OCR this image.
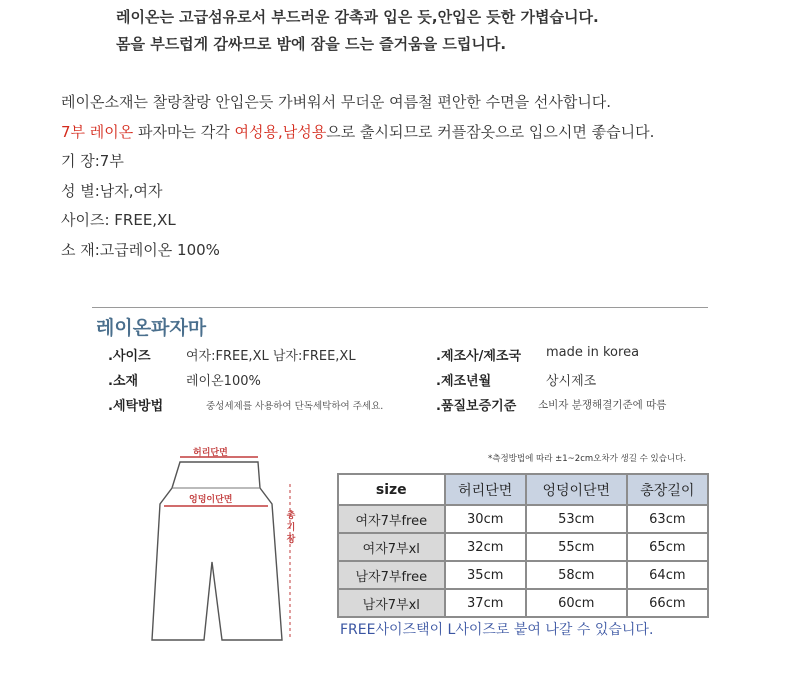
레이온는 고급섬유로서 부드러운 감촉과 입은 듯,안입은 듯한 가볍습니다.
몸을 부드럽게 감싸므로 밤에 잠을 드는 즐거움을 드립니다.
레이온소재는 찰랑찰랑 안입은듯 가벼워서 무더운 여름철 편안한 수면을 선사합니다.
7부 레이온 파자마는 각각 여성용,남성용으로 출시되므로 커플잠옷으로 입으시면 좋습니다.
기 장:7부
성 별:남자,여자
사이즈: FREE,XL
소 재:고급레이온 100%
레이온파자마
.사이즈	여자:FREE,XL 남자:FREE,XL
.소재	레이온100%
.세탁방법	중성세제를 사용하여 단독세탁하여 주세요.
.제조사/제조국 made in korea
.제조년월	상시제조
.품질보증기준 소비자 분쟁해결기준에 따름
허리단면
엉덩이단면
총기장
*측정방법에 따라 ±1~2cm오차가 생길 수 있습니다.
size	허리단면	엉덩이단면	총장길이
여자7부free	30cm	53cm	63cm
여자7부xl	32cm	55cm	65cm
남자7부free	35cm	58cm	64cm
남자7부xl	37cm	60cm	66cm
FREE사이즈택이 L사이즈로 붙여 나갈 수 있습니다.
